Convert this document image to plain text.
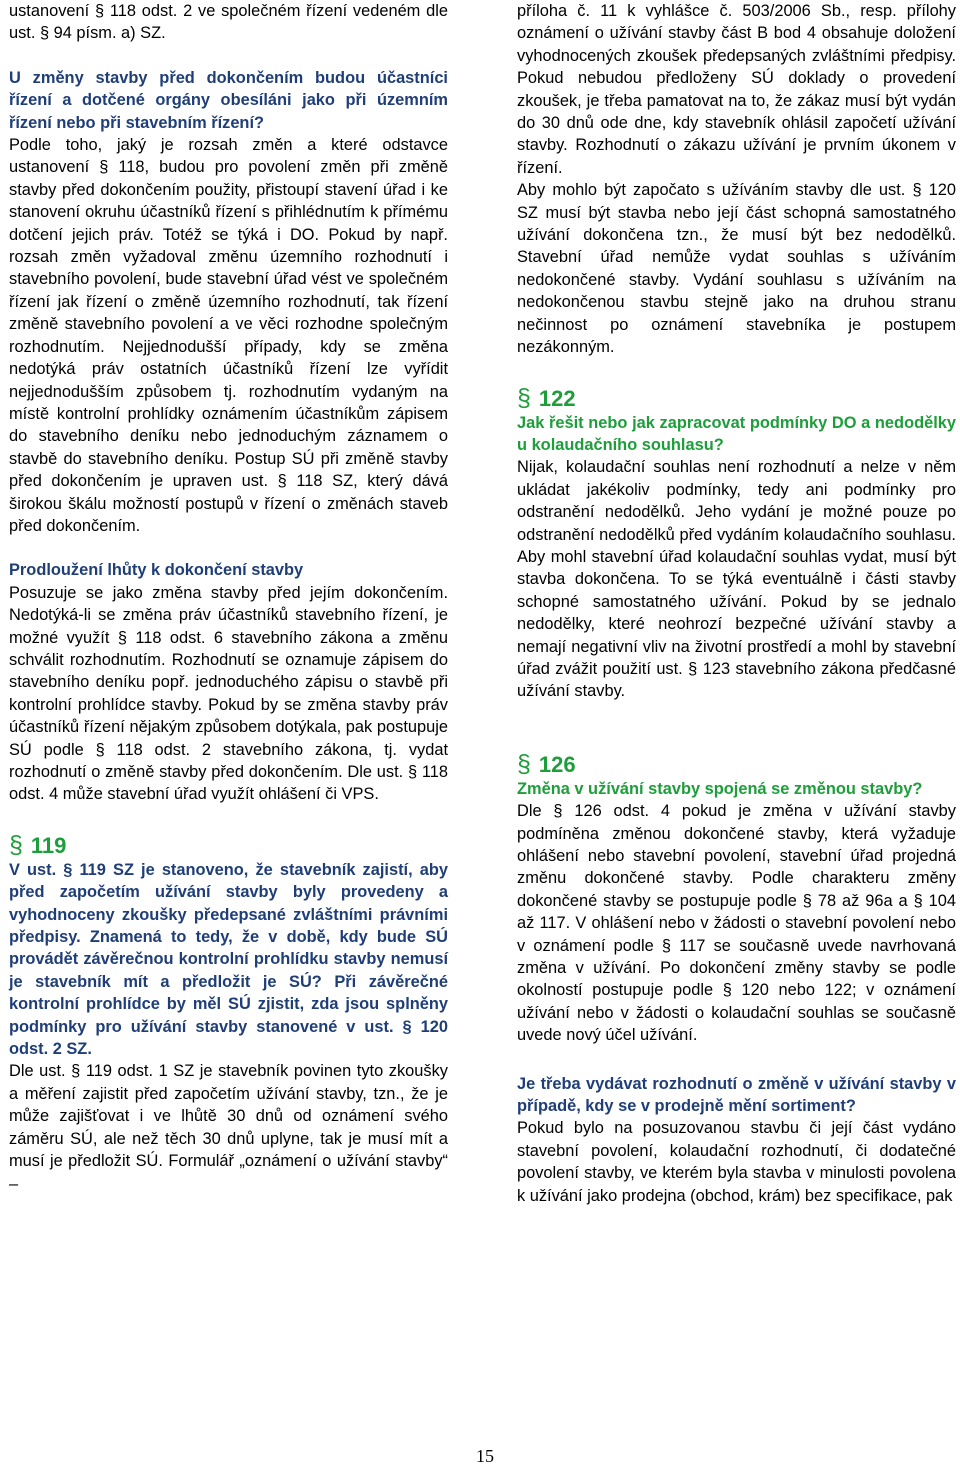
ustanovení § 118 odst. 2 ve společném řízení vedeném dle ust. § 94 písm. a) SZ.

U změny stavby před dokončením budou účastníci řízení a dotčené orgány obesíláni jako při územním řízení nebo při stavebním řízení?

Podle toho, jaký je rozsah změn a které odstavce ustanovení § 118, budou pro povolení změn při změně stavby před dokončením použity, přistoupí stavení úřad i ke stanovení okruhu účastníků řízení s přihlédnutím k přímému dotčení jejich práv. Totéž se týká i DO. Pokud by např. rozsah změn vyžadoval změnu územního rozhodnutí i stavebního povolení, bude stavební úřad vést ve společném řízení jak řízení o změně územního rozhodnutí, tak řízení změně stavebního povolení a ve věci rozhodne společným rozhodnutím. Nejjednodušší případy, kdy se změna nedotýká práv ostatních účastníků řízení lze vyřídit nejjednodušším způsobem tj. rozhodnutím vydaným na místě kontrolní prohlídky oznámením účastníkům zápisem do stavebního deníku nebo jednoduchým záznamem o stavbě do stavebního deníku. Postup SÚ při změně stavby před dokončením je upraven ust. § 118 SZ, který dává širokou škálu možností postupů v řízení o změnách staveb před dokončením.

Prodloužení lhůty k dokončení stavby

Posuzuje se jako změna stavby před jejím dokončením. Nedotýká-li se změna práv účastníků stavebního řízení, je možné využít § 118 odst. 6 stavebního zákona a změnu schválit rozhodnutím. Rozhodnutí se oznamuje zápisem do stavebního deníku popř. jednoduchého zápisu o stavbě při kontrolní prohlídce stavby. Pokud by se změna stavby práv účastníků řízení nějakým způsobem dotýkala, pak postupuje SÚ podle § 118 odst. 2 stavebního zákona, tj. vydat rozhodnutí o změně stavby před dokončením. Dle ust. § 118 odst. 4 může stavební úřad využít ohlášení či VPS.

§ 119

V ust. § 119 SZ je stanoveno, že stavebník zajistí, aby před započetím užívání stavby byly provedeny a vyhodnoceny zkoušky předepsané zvláštními právními předpisy. Znamená to tedy, že v době, kdy bude SÚ provádět závěrečnou kontrolní prohlídku stavby nemusí je stavebník mít a předložit je SÚ? Při závěrečné kontrolní prohlídce by měl SÚ zjistit, zda jsou splněny podmínky pro užívání stavby stanovené v ust. § 120 odst. 2 SZ.

Dle ust. § 119 odst. 1 SZ je stavebník povinen tyto zkoušky a měření zajistit před započetím užívání stavby, tzn., že je může zajišťovat i ve lhůtě 30 dnů od oznámení svého záměru SÚ, ale než těch 30 dnů uplyne, tak je musí mít a musí je předložit SÚ. Formulář „oznámení o užívání stavby“ –

příloha č. 11 k vyhlášce č. 503/2006 Sb., resp. přílohy oznámení o užívání stavby část B bod 4 obsahuje doložení vyhodnocených zkoušek předepsaných zvláštními předpisy. Pokud nebudou předloženy SÚ doklady o provedení zkoušek, je třeba pamatovat na to, že zákaz musí být vydán do 30 dnů ode dne, kdy stavebník ohlásil započetí užívání stavby. Rozhodnutí o zákazu užívání je prvním úkonem v řízení.

Aby mohlo být započato s užíváním stavby dle ust. § 120 SZ musí být stavba nebo její část schopná samostatného užívání dokončena tzn., že musí být bez nedodělků. Stavební úřad nemůže vydat souhlas s užíváním nedokončené stavby. Vydání souhlasu s užíváním na nedokončenou stavbu stejně jako na druhou stranu nečinnost po oznámení stavebníka je postupem nezákonným.

§ 122

Jak řešit nebo jak zapracovat podmínky DO a nedodělky u kolaudačního souhlasu?

Nijak, kolaudační souhlas není rozhodnutí a nelze v něm ukládat jakékoliv podmínky, tedy ani podmínky pro odstranění nedodělků. Jeho vydání je možné pouze po odstranění nedodělků před vydáním kolaudačního souhlasu. Aby mohl stavební úřad kolaudační souhlas vydat, musí být stavba dokončena. To se týká eventuálně i části stavby schopné samostatného užívání. Pokud by se jednalo nedodělky, které neohrozí bezpečné užívání stavby a nemají negativní vliv na životní prostředí a mohl by stavební úřad zvážit použití ust. § 123 stavebního zákona předčasné užívání stavby.

§ 126

Změna v užívání stavby spojená se změnou stavby?

Dle § 126 odst. 4 pokud je změna v užívání stavby podmíněna změnou dokončené stavby, která vyžaduje ohlášení nebo stavební povolení, stavební úřad projedná změnu dokončené stavby. Podle charakteru změny dokončené stavby se postupuje podle § 78 až 96a a § 104 až 117. V ohlášení nebo v žádosti o stavební povolení nebo v oznámení podle § 117 se současně uvede navrhovaná změna v užívání. Po dokončení změny stavby se podle okolností postupuje podle § 120 nebo 122; v oznámení užívání nebo v žádosti o kolaudační souhlas se současně uvede nový účel užívání.

Je třeba vydávat rozhodnutí o změně v užívání stavby v případě, kdy se v prodejně mění sortiment?

Pokud bylo na posuzovanou stavbu či její část vydáno stavební povolení, kolaudační rozhodnutí, či dodatečné povolení stavby, ve kterém byla stavba v minulosti povolena k užívání jako prodejna (obchod, krám) bez specifikace, pak

15
